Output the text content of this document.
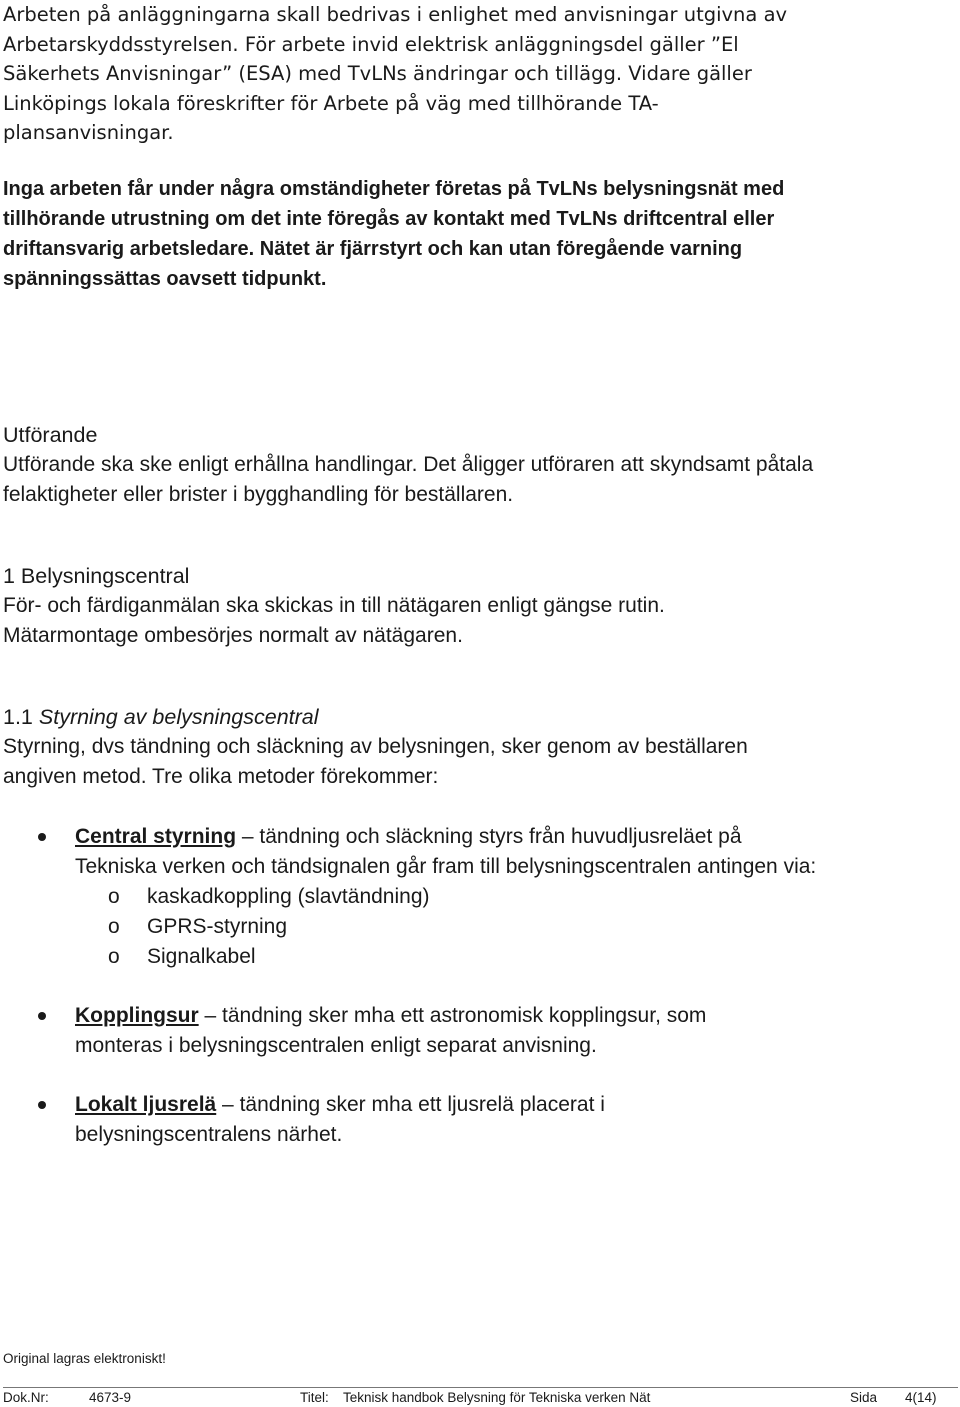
Arbeten på anläggningarna skall bedrivas i enlighet med anvisningar utgivna av Arbetarskyddsstyrelsen. För arbete invid elektrisk anläggningsdel gäller ”El Säkerhets Anvisningar” (ESA) med TvLNs ändringar och tillägg. Vidare gäller Linköpings lokala föreskrifter för Arbete på väg med tillhörande TA-plansanvisningar.

Inga arbeten får under några omständigheter företas på TvLNs belysningsnät med tillhörande utrustning om det inte föregås av kontakt med TvLNs driftcentral eller driftansvarig arbetsledare. Nätet är fjärrstyrt och kan utan föregående varning spänningssättas oavsett tidpunkt.

Utförande
Utförande ska ske enligt erhållna handlingar. Det åligger utföraren att skyndsamt påtala felaktigheter eller brister i bygghandling för beställaren.
1 Belysningscentral
För- och färdiganmälan ska skickas in till nätägaren enligt gängse rutin.
Mätarmontage ombesörjes normalt av nätägaren.
1.1 Styrning av belysningscentral
Styrning, dvs tändning och släckning av belysningen, sker genom av beställaren angiven metod. Tre olika metoder förekommer:
Central styrning – tändning och släckning styrs från huvudljusreläet på Tekniska verken och tändsignalen går fram till belysningscentralen antingen via:
o kaskadkoppling (slavtändning)
o GPRS-styrning
o Signalkabel
Kopplingsur – tändning sker mha ett astronomisk kopplingsur, som monteras i belysningscentralen enligt separat anvisning.
Lokalt ljusrelä – tändning sker mha ett ljusrelä placerat i belysningscentralens närhet.
Original lagras elektroniskt!
Dok.Nr:	4673-9	Titel: Teknisk handbok Belysning för Tekniska verken Nät	Sida 4(14)
